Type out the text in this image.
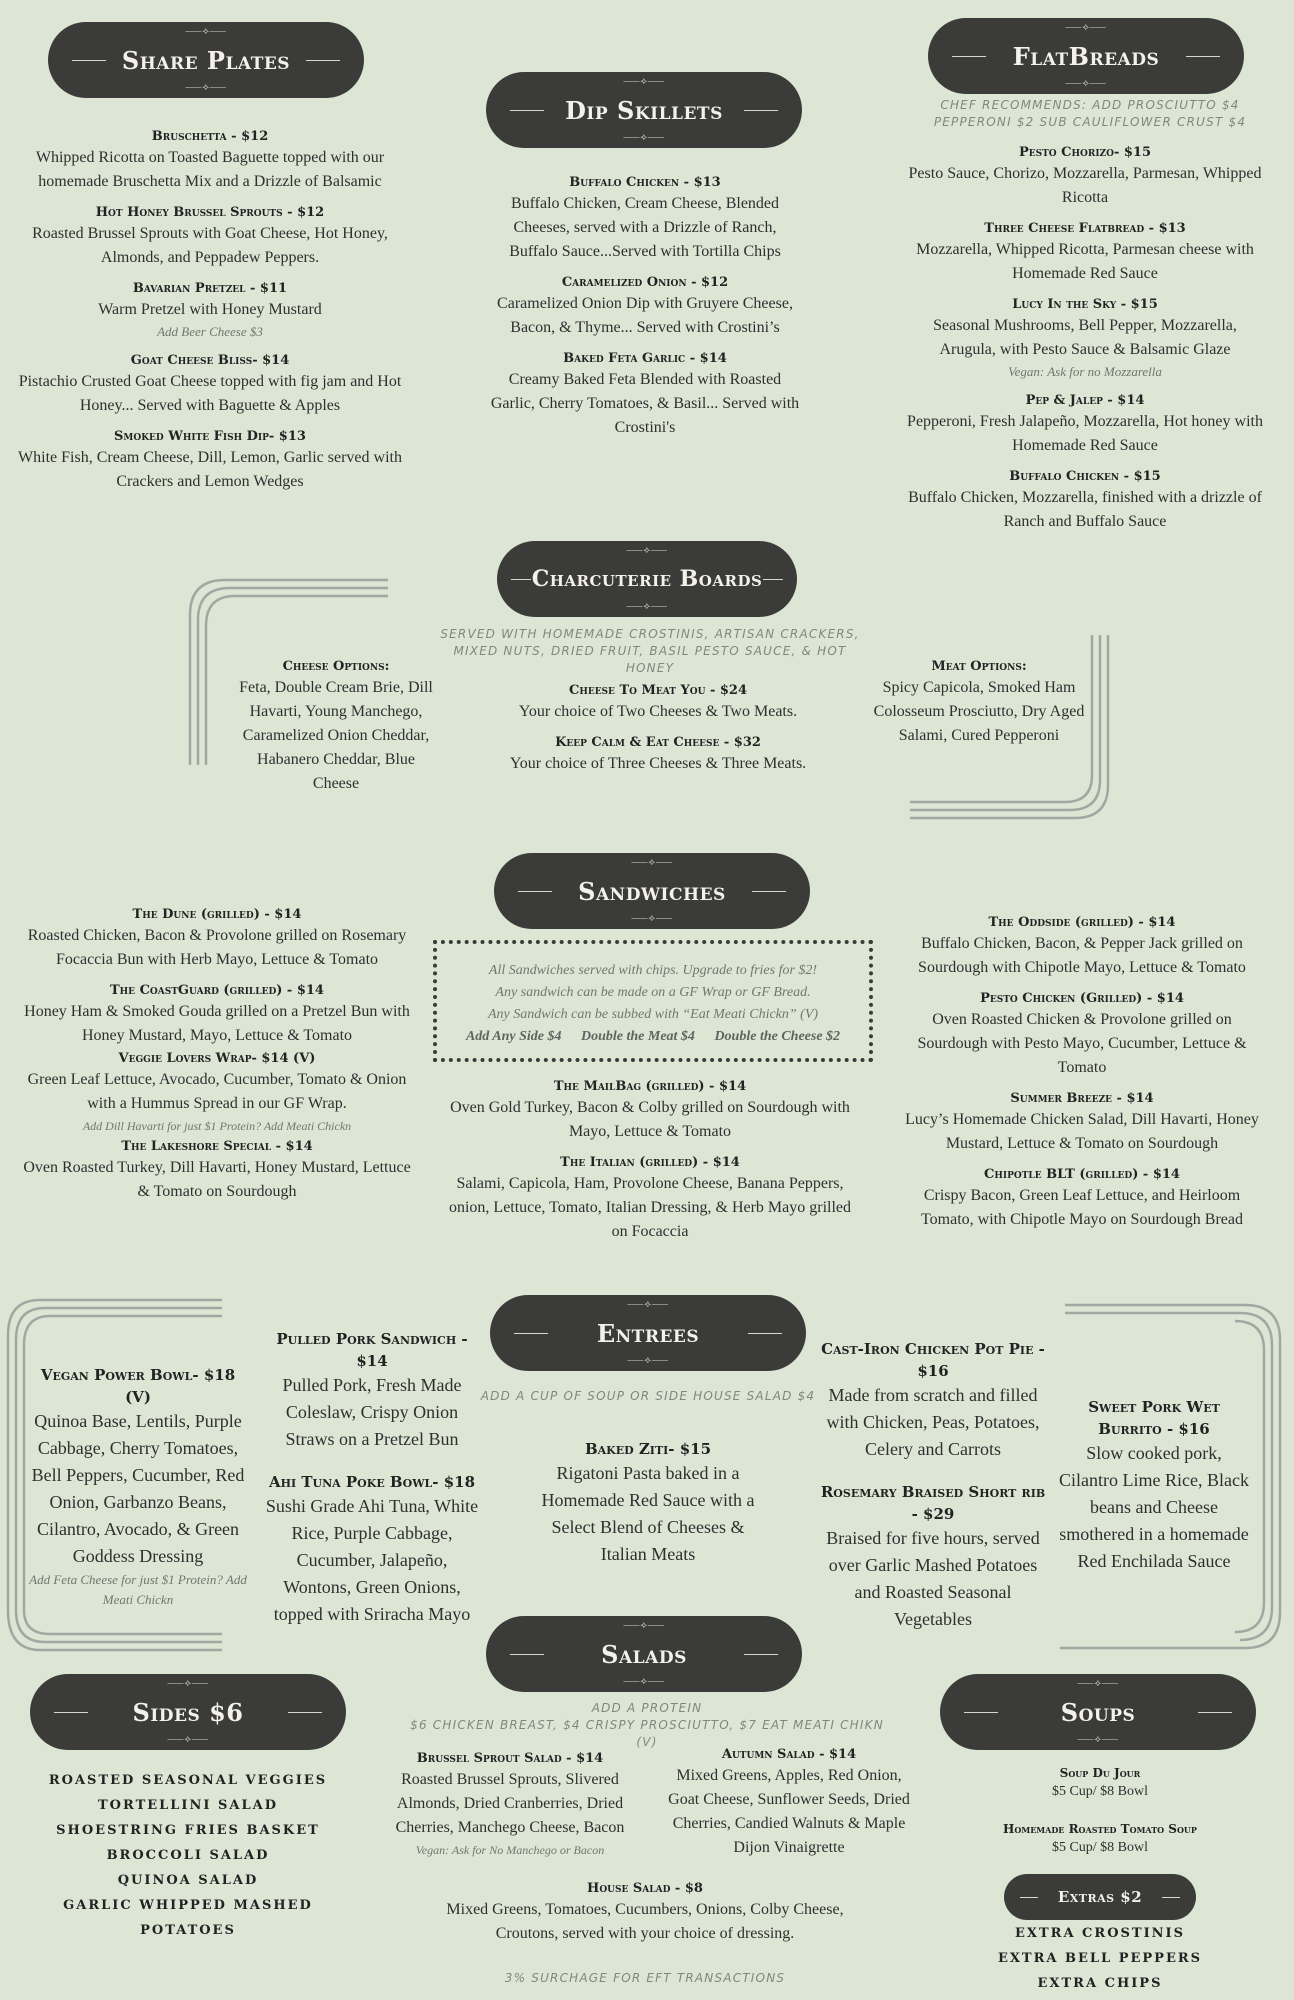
⸺⟡⸺
Share Plates
⸺⟡⸺
Bruschetta - $12
Whipped Ricotta on Toasted Baguette topped with our homemade Bruschetta Mix and a Drizzle of Balsamic
Hot Honey Brussel Sprouts - $12
Roasted Brussel Sprouts with Goat Cheese, Hot Honey, Almonds, and Peppadew Peppers.
Bavarian Pretzel - $11
Warm Pretzel with Honey Mustard
Add Beer Cheese $3
Goat Cheese Bliss- $14
Pistachio Crusted Goat Cheese topped with fig jam and Hot Honey... Served with Baguette & Apples
Smoked White Fish Dip- $13
White Fish, Cream Cheese, Dill, Lemon, Garlic served with Crackers and Lemon Wedges
⸺⟡⸺
Dip Skillets
⸺⟡⸺
Buffalo Chicken - $13
Buffalo Chicken, Cream Cheese, Blended Cheeses, served with a Drizzle of Ranch, Buffalo Sauce...Served with Tortilla Chips
Caramelized Onion - $12
Caramelized Onion Dip with Gruyere Cheese, Bacon, & Thyme... Served with Crostini’s
Baked Feta Garlic - $14
Creamy Baked Feta Blended with Roasted Garlic, Cherry Tomatoes, & Basil... Served with Crostini's
⸺⟡⸺
FlatBreads
⸺⟡⸺
CHEF RECOMMENDS: ADD PROSCIUTTO $4 PEPPERONI $2 SUB CAULIFLOWER CRUST $4
Pesto Chorizo- $15
Pesto Sauce, Chorizo, Mozzarella, Parmesan, Whipped Ricotta
Three Cheese Flatbread - $13
Mozzarella, Whipped Ricotta, Parmesan cheese with Homemade Red Sauce
Lucy In the Sky - $15
Seasonal Mushrooms, Bell Pepper, Mozzarella, Arugula, with Pesto Sauce & Balsamic Glaze
Vegan: Ask for no Mozzarella
Pep & Jalep - $14
Pepperoni, Fresh Jalapeño, Mozzarella, Hot honey with Homemade Red Sauce
Buffalo Chicken - $15
Buffalo Chicken, Mozzarella, finished with a drizzle of Ranch and Buffalo Sauce
⸺⟡⸺
Charcuterie Boards
⸺⟡⸺
SERVED WITH HOMEMADE CROSTINIS, ARTISAN CRACKERS, MIXED NUTS, DRIED FRUIT, BASIL PESTO SAUCE, & HOT HONEY
Cheese Options:
Feta, Double Cream Brie, Dill Havarti, Young Manchego, Caramelized Onion Cheddar, Habanero Cheddar, Blue Cheese
Cheese To Meat You - $24
Your choice of Two Cheeses & Two Meats.
Keep Calm & Eat Cheese - $32
Your choice of Three Cheeses & Three Meats.
Meat Options:
Spicy Capicola, Smoked Ham Colosseum Prosciutto, Dry Aged Salami, Cured Pepperoni
⸺⟡⸺
Sandwiches
⸺⟡⸺
The Dune (grilled) - $14
Roasted Chicken, Bacon & Provolone grilled on Rosemary Focaccia Bun with Herb Mayo, Lettuce & Tomato
The CoastGuard (grilled) - $14
Honey Ham & Smoked Gouda grilled on a Pretzel Bun with Honey Mustard, Mayo, Lettuce & Tomato
Veggie Lovers Wrap- $14 (V)
Green Leaf Lettuce, Avocado, Cucumber, Tomato & Onion with a Hummus Spread in our GF Wrap.
Add Dill Havarti for just $1 Protein? Add Meati Chickn
The Lakeshore Special - $14
Oven Roasted Turkey, Dill Havarti, Honey Mustard, Lettuce & Tomato on Sourdough
All Sandwiches served with chips. Upgrade to fries for $2!
Any sandwich can be made on a GF Wrap or GF Bread.
Any Sandwich can be subbed with “Eat Meati Chickn” (V)
Add Any Side $4 Double the Meat $4 Double the Cheese $2
The MailBag (grilled) - $14
Oven Gold Turkey, Bacon & Colby grilled on Sourdough with Mayo, Lettuce & Tomato
The Italian (grilled) - $14
Salami, Capicola, Ham, Provolone Cheese, Banana Peppers, onion, Lettuce, Tomato, Italian Dressing, & Herb Mayo grilled on Focaccia
The Oddside (grilled) - $14
Buffalo Chicken, Bacon, & Pepper Jack grilled on Sourdough with Chipotle Mayo, Lettuce & Tomato
Pesto Chicken (Grilled) - $14
Oven Roasted Chicken & Provolone grilled on Sourdough with Pesto Mayo, Cucumber, Lettuce & Tomato
Summer Breeze - $14
Lucy’s Homemade Chicken Salad, Dill Havarti, Honey Mustard, Lettuce & Tomato on Sourdough
Chipotle BLT (grilled) - $14
Crispy Bacon, Green Leaf Lettuce, and Heirloom Tomato, with Chipotle Mayo on Sourdough Bread
⸺⟡⸺
Entrees
⸺⟡⸺
ADD A CUP OF SOUP OR SIDE HOUSE SALAD $4
Vegan Power Bowl- $18 (V)
Quinoa Base, Lentils, Purple Cabbage, Cherry Tomatoes, Bell Peppers, Cucumber, Red Onion, Garbanzo Beans, Cilantro, Avocado, & Green Goddess Dressing
Add Feta Cheese for just $1 Protein? Add Meati Chickn
Pulled Pork Sandwich - $14
Pulled Pork, Fresh Made Coleslaw, Crispy Onion Straws on a Pretzel Bun
Ahi Tuna Poke Bowl- $18
Sushi Grade Ahi Tuna, White Rice, Purple Cabbage, Cucumber, Jalapeño, Wontons, Green Onions, topped with Sriracha Mayo
Baked Ziti- $15
Rigatoni Pasta baked in a Homemade Red Sauce with a Select Blend of Cheeses & Italian Meats
Cast-Iron Chicken Pot Pie - $16
Made from scratch and filled with Chicken, Peas, Potatoes, Celery and Carrots
Rosemary Braised Short rib - $29
Braised for five hours, served over Garlic Mashed Potatoes and Roasted Seasonal Vegetables
Sweet Pork Wet Burrito - $16
Slow cooked pork, Cilantro Lime Rice, Black beans and Cheese smothered in a homemade Red Enchilada Sauce
⸺⟡⸺
Sides $6
⸺⟡⸺
ROASTED SEASONAL VEGGIES
TORTELLINI SALAD
SHOESTRING FRIES BASKET
BROCCOLI SALAD
QUINOA SALAD
GARLIC WHIPPED MASHED POTATOES
⸺⟡⸺
Salads
⸺⟡⸺
ADD A PROTEIN
$6 CHICKEN BREAST, $4 CRISPY PROSCIUTTO, $7 EAT MEATI CHIKN (V)
Brussel Sprout Salad - $14
Roasted Brussel Sprouts, Slivered Almonds, Dried Cranberries, Dried Cherries, Manchego Cheese, Bacon
Vegan: Ask for No Manchego or Bacon
Autumn Salad - $14
Mixed Greens, Apples, Red Onion, Goat Cheese, Sunflower Seeds, Dried Cherries, Candied Walnuts & Maple Dijon Vinaigrette
House Salad - $8
Mixed Greens, Tomatoes, Cucumbers, Onions, Colby Cheese, Croutons, served with your choice of dressing.
3% SURCHAGE FOR EFT TRANSACTIONS
⸺⟡⸺
Soups
⸺⟡⸺
Soup Du Jour
$5 Cup/ $8 Bowl
Homemade Roasted Tomato Soup
$5 Cup/ $8 Bowl
Extras $2
EXTRA CROSTINIS
EXTRA BELL PEPPERS
EXTRA CHIPS
